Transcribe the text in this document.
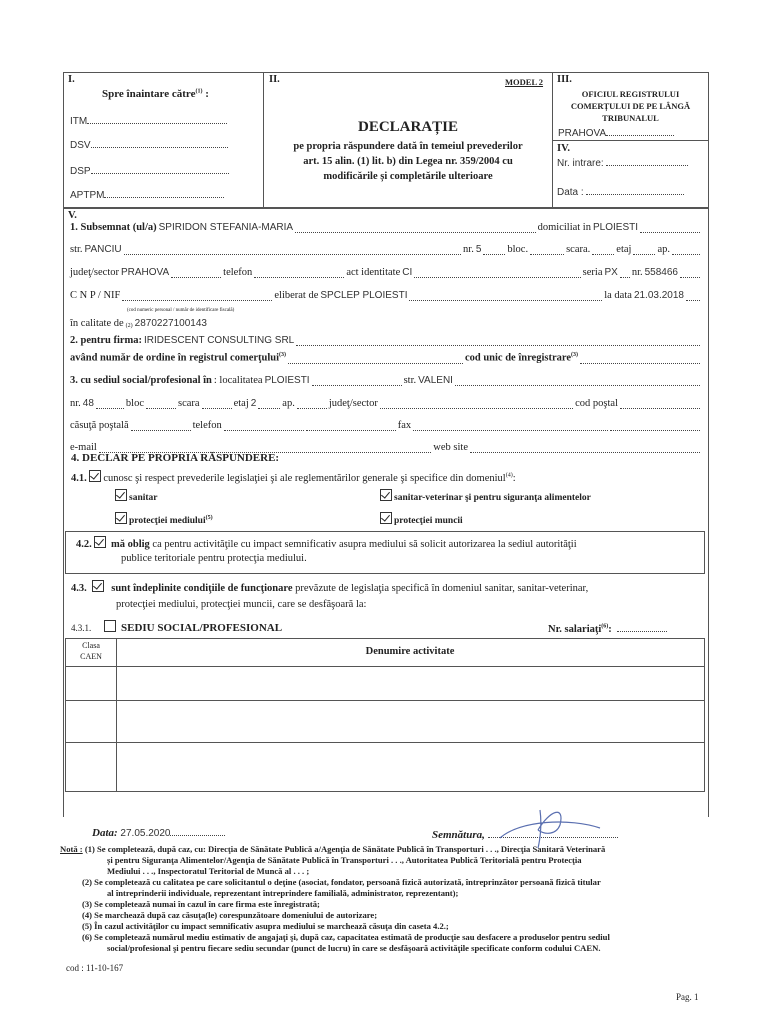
I.
Spre înaintare către$^{(1)}$ :
ITM
DSV
DSP
APTPM
II.	MODEL 2
DECLARAȚIE
pe propria răspundere dată în temeiul prevederilor
art. 15 alin. (1) lit. b) din Legea nr. 359/2004 cu
modificările și completările ulterioare
III.
OFICIUL REGISTRULUI
COMERȚULUI DE PE LÂNGĂ
TRIBUNALUL
PRAHOVA
IV.
Nr. intrare:
Data :
V.
1. Subsemnat (ul/a) SPIRIDON STEFANIA-MARIA	domiciliat in PLOIESTI
str. PANCIU	nr. 5 bloc.	scara. etaj ap.
judeţ/sector PRAHOVA	telefon	act identitate CI	seria PX nr. 558466
C N P / NIF	eliberat de SPCLEP PLOIESTI	la data 21.03.2018
(cod numeric personal / număr de identificare fiscală)
în calitate de $_{(2)}$ 2870227100143
2. pentru firma: IRIDESCENT CONSULTING SRL
având număr de ordine în registrul comerţului$^{(3)}$	cod unic de înregistrare$^{(3)}$
3. cu sediul social/profesional în : localitatea PLOIESTI	str. VALENI
nr. 48	bloc	scara	etaj 2 ap.	judeţ/sector	cod poştal
căsuţă poştală	telefon	fax
e-mail	web site
4. DECLAR PE PROPRIA RĂSPUNDERE:
4.1. cunosc şi respect prevederile legislaţiei şi ale reglementărilor generale şi specifice din domeniul$^{(4)}$:
sanitar	sanitar-veterinar şi pentru siguranţa alimentelor
protecţiei mediului$^{(5)}$	protecţiei muncii
4.2. mă oblig ca pentru activităţile cu impact semnificativ asupra mediului să solicit autorizarea la sediul autorităţii
publice teritoriale pentru protecţia mediului.
4.3. sunt îndeplinite condiţiile de funcţionare prevăzute de legislaţia specifică în domeniul sanitar, sanitar-veterinar,
protecţiei mediului, protecţiei muncii, care se desfăşoară la:
4.3.1.	SEDIU SOCIAL/PROFESIONAL	Nr. salariaţi$^{(6)}$:
Clasa
CAEN	Denumire activitate
Data: 27.05.2020	Semnătura,
Notă : (1) Se completează, după caz, cu: Direcţia de Sănătate Publică a/Agenţia de Sănătate Publică în Transporturi . . ., Direcţia Sanitară Veterinară
și pentru Siguranţa Alimentelor/Agenţia de Sănătate Publică în Transporturi . . ., Autoritatea Publică Teritorială pentru Protecţia
Mediului . . ., Inspectoratul Teritorial de Muncă al . . . ;
(2) Se completează cu calitatea pe care solicitantul o deţine (asociat, fondator, persoană fizică autorizată, întreprinzător persoană fizică titular
al întreprinderii individuale, reprezentant întreprindere familială, administrator, reprezentant);
(3) Se completează numai în cazul în care firma este înregistrată;
(4) Se marchează după caz căsuţa(le) corespunzătoare domeniului de autorizare;
(5) În cazul activităţilor cu impact semnificativ asupra mediului se marchează căsuţa din caseta 4.2.;
(6) Se completează numărul mediu estimativ de angajaţi şi, după caz, capacitatea estimată de producţie sau desfacere a produselor pentru sediul
social/profesional şi pentru fiecare sediu secundar (punct de lucru) în care se desfăşoară activităţile specificate conform codului CAEN.
cod : 11-10-167
Pag. 1
